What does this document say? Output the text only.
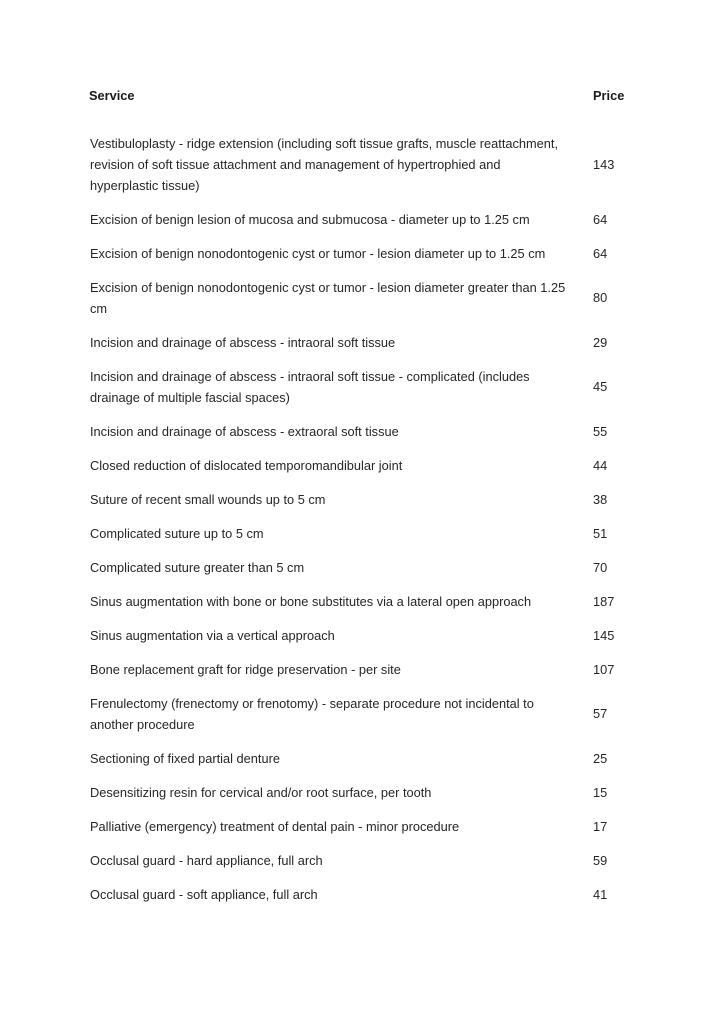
Service	Price
Vestibuloplasty - ridge extension (including soft tissue grafts, muscle reattachment, revision of soft tissue attachment and management of hypertrophied and hyperplastic tissue)	143
Excision of benign lesion of mucosa and submucosa - diameter up to 1.25 cm	64
Excision of benign nonodontogenic cyst or tumor - lesion diameter up to 1.25 cm	64
Excision of benign nonodontogenic cyst or tumor - lesion diameter greater than 1.25 cm	80
Incision and drainage of abscess - intraoral soft tissue	29
Incision and drainage of abscess - intraoral soft tissue - complicated (includes drainage of multiple fascial spaces)	45
Incision and drainage of abscess - extraoral soft tissue	55
Closed reduction of dislocated temporomandibular joint	44
Suture of recent small wounds up to 5 cm	38
Complicated suture up to 5 cm	51
Complicated suture greater than 5 cm	70
Sinus augmentation with bone or bone substitutes via a lateral open approach	187
Sinus augmentation via a vertical approach	145
Bone replacement graft for ridge preservation - per site	107
Frenulectomy (frenectomy or frenotomy) - separate procedure not incidental to another procedure	57
Sectioning of fixed partial denture	25
Desensitizing resin for cervical and/or root surface, per tooth	15
Palliative (emergency) treatment of dental pain - minor procedure	17
Occlusal guard - hard appliance, full arch	59
Occlusal guard - soft appliance, full arch	41
